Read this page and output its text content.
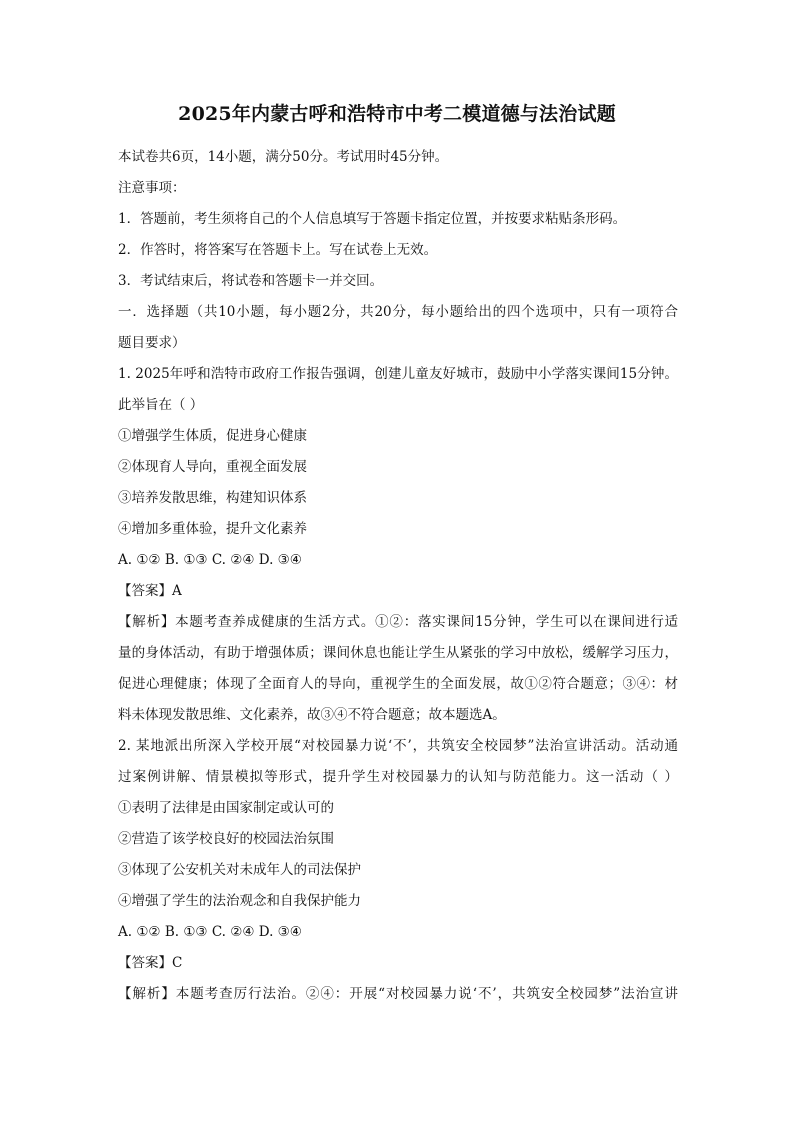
2025年内蒙古呼和浩特市中考二模道德与法治试题
本试卷共6页，14小题，满分50分。考试用时45分钟。
注意事项：
1．答题前，考生须将自己的个人信息填写于答题卡指定位置，并按要求粘贴条形码。
2．作答时，将答案写在答题卡上。写在试卷上无效。
3．考试结束后，将试卷和答题卡一并交回。
一．选择题（共10小题，每小题2分，共20分，每小题给出的四个选项中，只有一项符合
题目要求）
1. 2025年呼和浩特市政府工作报告强调，创建儿童友好城市，鼓励中小学落实课间15分钟。
此举旨在（ ）
①增强学生体质，促进身心健康
②体现育人导向，重视全面发展
③培养发散思维，构建知识体系
④增加多重体验，提升文化素养
A. ①② B. ①③ C. ②④ D. ③④
【答案】A
【解析】本题考查养成健康的生活方式。①②：落实课间15分钟，学生可以在课间进行适
量的身体活动，有助于增强体质；课间休息也能让学生从紧张的学习中放松，缓解学习压力，
促进心理健康；体现了全面育人的导向，重视学生的全面发展，故①②符合题意；③④：材
料未体现发散思维、文化素养，故③④不符合题意；故本题选A。
2. 某地派出所深入学校开展“对校园暴力说‘不’，共筑安全校园梦”法治宣讲活动。活动通
过案例讲解、情景模拟等形式，提升学生对校园暴力的认知与防范能力。这一活动（ ）
①表明了法律是由国家制定或认可的
②营造了该学校良好的校园法治氛围
③体现了公安机关对未成年人的司法保护
④增强了学生的法治观念和自我保护能力
A. ①② B. ①③ C. ②④ D. ③④
【答案】C
【解析】本题考查厉行法治。②④：开展“对校园暴力说‘不’，共筑安全校园梦”法治宣讲
